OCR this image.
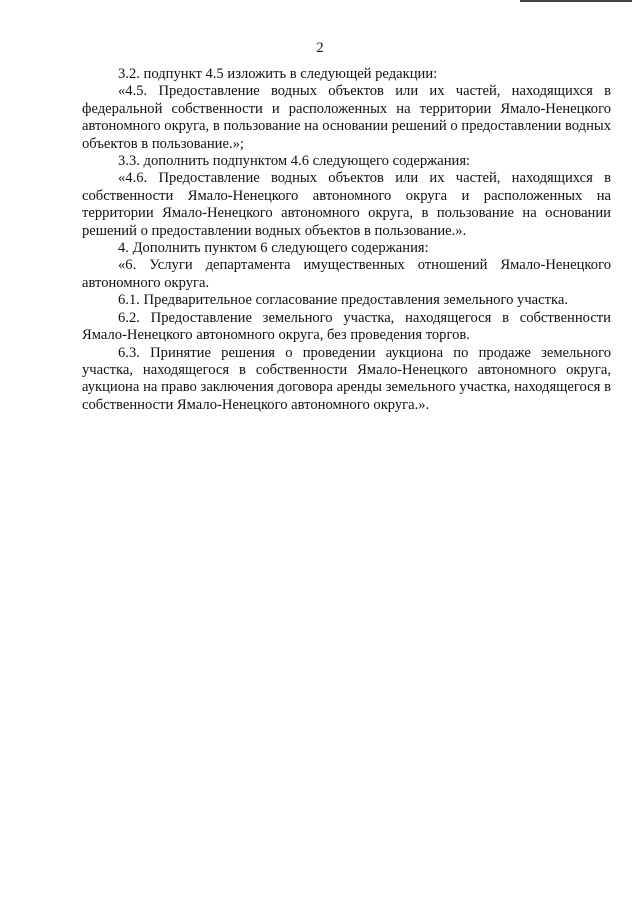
2

3.2. подпункт 4.5 изложить в следующей редакции:

«4.5. Предоставление водных объектов или их частей, находящихся в федеральной собственности и расположенных на территории Ямало-Ненецкого автономного округа, в пользование на основании решений о предоставлении водных объектов в пользование.»;

3.3. дополнить подпунктом 4.6 следующего содержания:

«4.6. Предоставление водных объектов или их частей, находящихся в собственности Ямало-Ненецкого автономного округа и расположенных на территории Ямало-Ненецкого автономного округа, в пользование на основании решений о предоставлении водных объектов в пользование.».

4. Дополнить пунктом 6 следующего содержания:

«6. Услуги департамента имущественных отношений Ямало-Ненецкого автономного округа.

6.1. Предварительное согласование предоставления земельного участка.

6.2. Предоставление земельного участка, находящегося в собственности Ямало-Ненецкого автономного округа, без проведения торгов.

6.3. Принятие решения о проведении аукциона по продаже земельного участка, находящегося в собственности Ямало-Ненецкого автономного округа, аукциона на право заключения договора аренды земельного участка, находящегося в собственности Ямало-Ненецкого автономного округа.».
